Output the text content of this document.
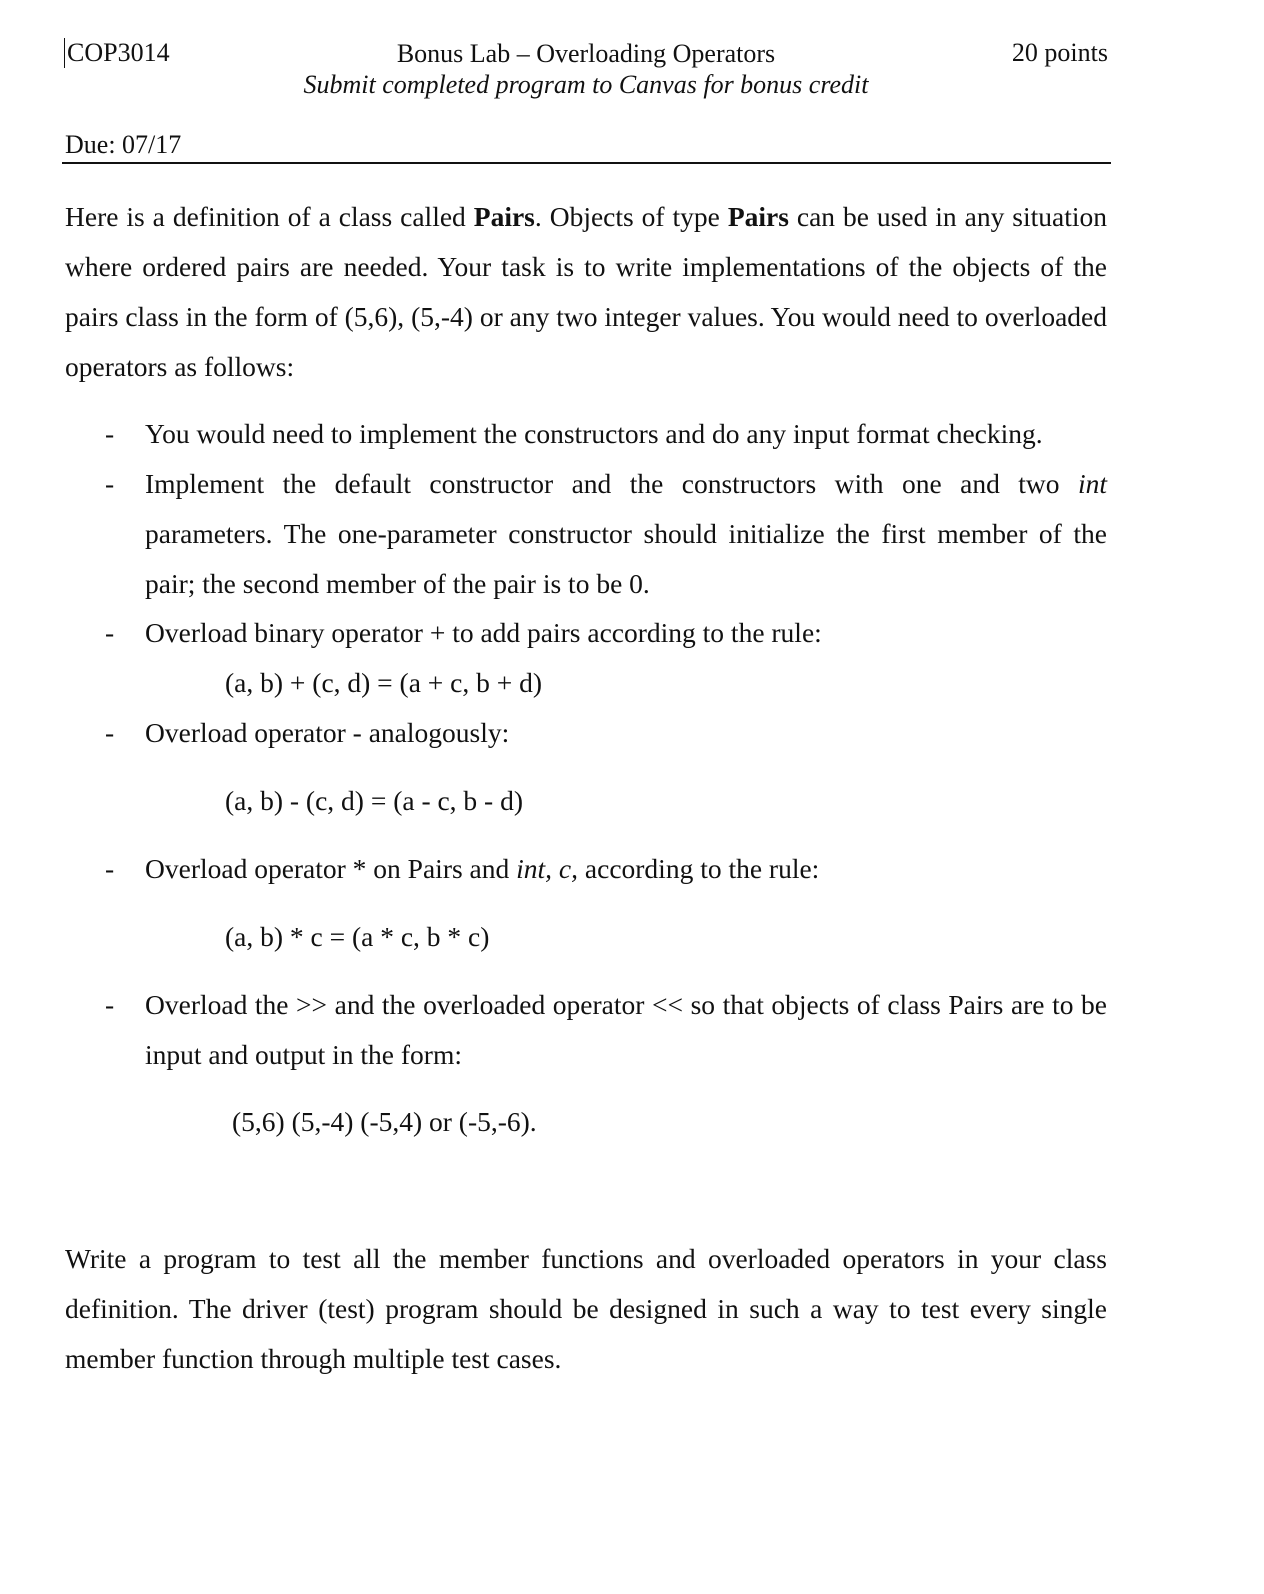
COP3014	Bonus Lab – Overloading Operators
Submit completed program to Canvas for bonus credit
20 points
Due: 07/17
Here is a definition of a class called Pairs. Objects of type Pairs can be used in any situation where ordered pairs are needed. Your task is to write implementations of the objects of the pairs class in the form of (5,6), (5,-4) or any two integer values. You would need to overloaded operators as follows:
- You would need to implement the constructors and do any input format checking.
- Implement the default constructor and the constructors with one and two int parameters. The one-parameter constructor should initialize the first member of the pair; the second member of the pair is to be 0.
- Overload binary operator + to add pairs according to the rule:
(a, b) + (c, d) = (a + c, b + d)
- Overload operator - analogously:
(a, b) - (c, d) = (a - c, b - d)
- Overload operator * on Pairs and int, c, according to the rule:
(a, b) * c = (a * c, b * c)
- Overload the >> and the overloaded operator << so that objects of class Pairs are to be input and output in the form:
(5,6) (5,-4) (-5,4) or (-5,-6).
Write a program to test all the member functions and overloaded operators in your class definition. The driver (test) program should be designed in such a way to test every single member function through multiple test cases.
